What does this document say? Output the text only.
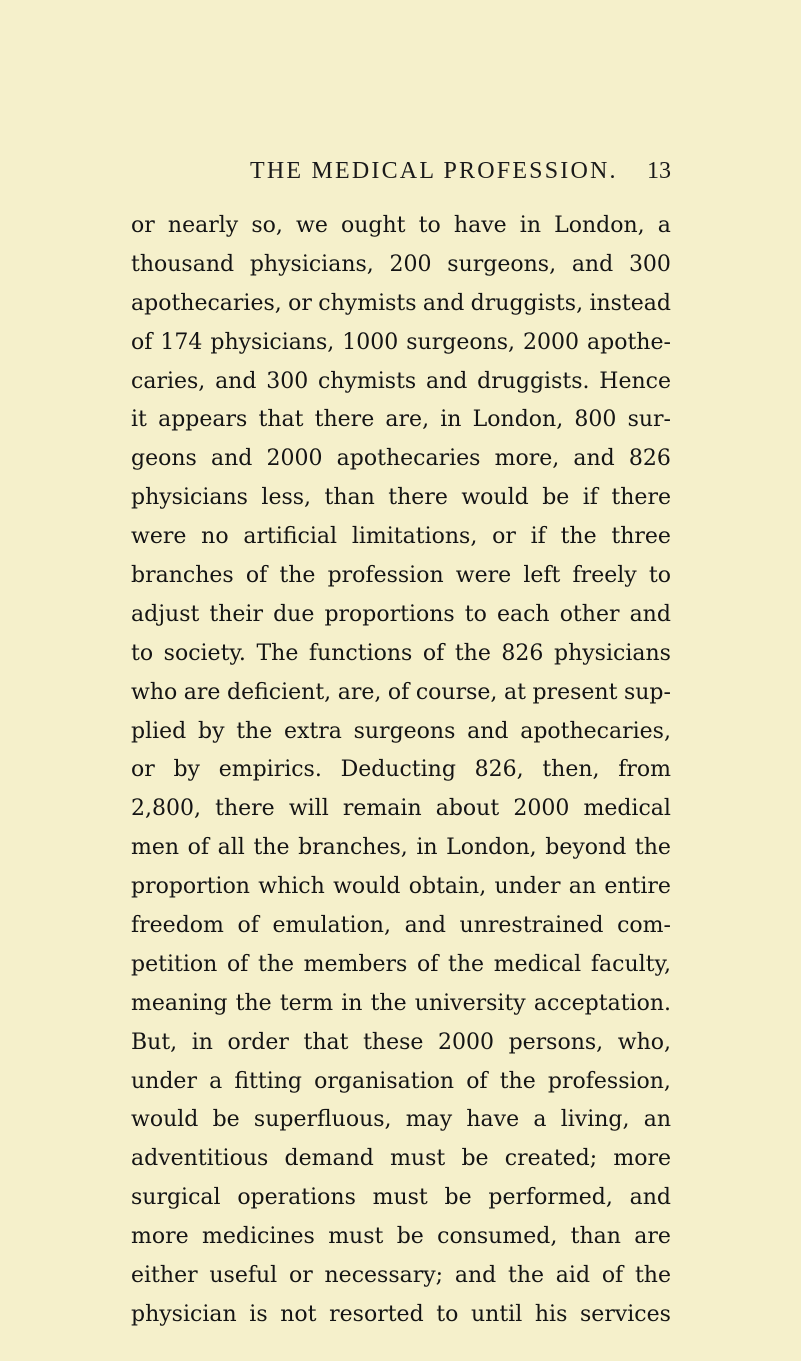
THE MEDICAL PROFESSION. 13
or nearly so, we ought to have in London, a
thousand physicians, 200 surgeons, and 300
apothecaries, or chymists and druggists, instead
of 174 physicians, 1000 surgeons, 2000 apothe-
caries, and 300 chymists and druggists. Hence
it appears that there are, in London, 800 sur-
geons and 2000 apothecaries more, and 826
physicians less, than there would be if there
were no artificial limitations, or if the three
branches of the profession were left freely to
adjust their due proportions to each other and
to society. The functions of the 826 physicians
who are deficient, are, of course, at present sup-
plied by the extra surgeons and apothecaries,
or by empirics. Deducting 826, then, from
2,800, there will remain about 2000 medical
men of all the branches, in London, beyond the
proportion which would obtain, under an entire
freedom of emulation, and unrestrained com-
petition of the members of the medical faculty,
meaning the term in the university acceptation.
But, in order that these 2000 persons, who,
under a fitting organisation of the profession,
would be superfluous, may have a living, an
adventitious demand must be created; more
surgical operations must be performed, and
more medicines must be consumed, than are
either useful or necessary; and the aid of the
physician is not resorted to until his services
